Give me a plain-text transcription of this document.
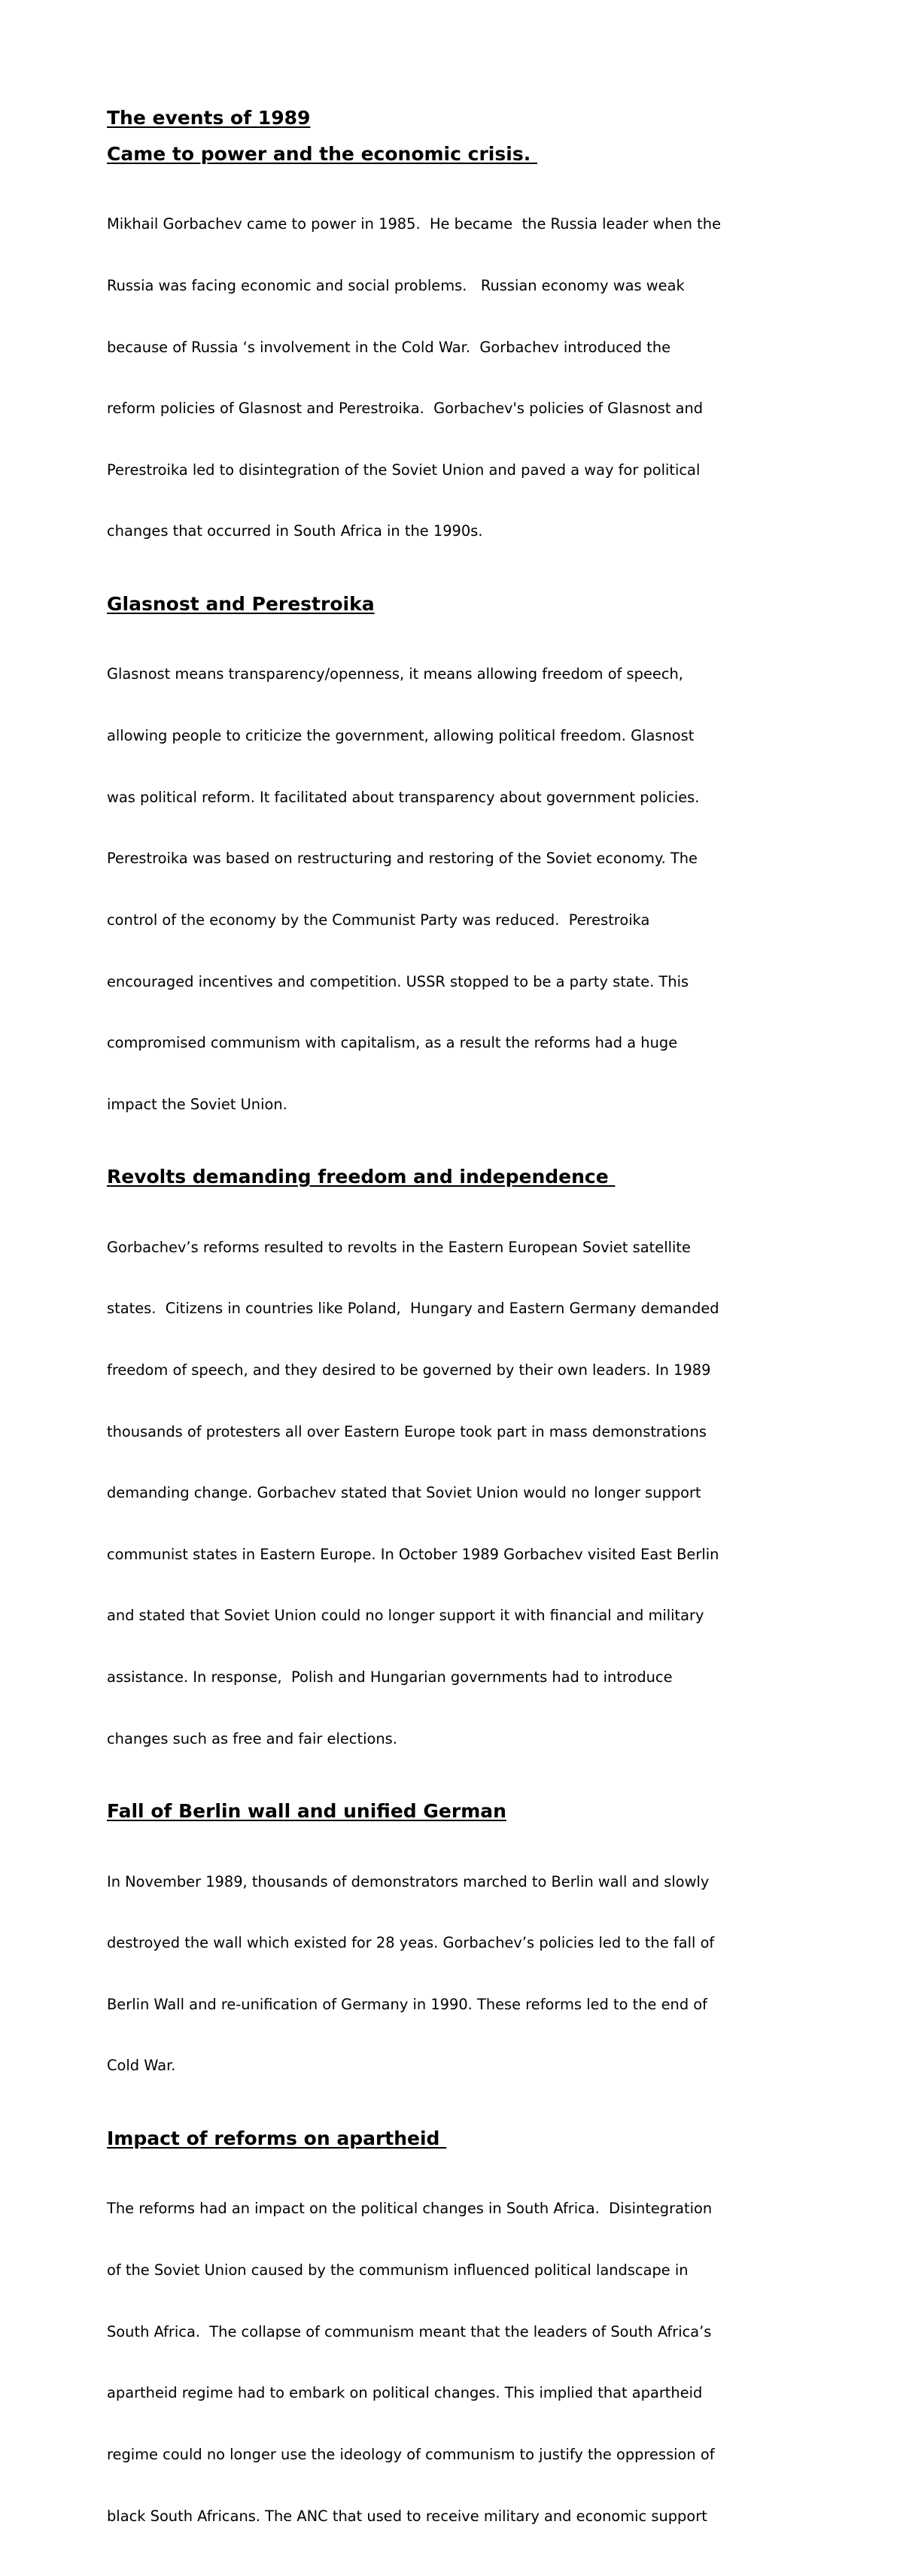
The events of 1989
Came to power and the economic crisis.

Mikhail Gorbachev came to power in 1985.  He became  the Russia leader when the

Russia was facing economic and social problems.   Russian economy was weak

because of Russia ‘s involvement in the Cold War.  Gorbachev introduced the

reform policies of Glasnost and Perestroika.  Gorbachev's policies of Glasnost and

Perestroika led to disintegration of the Soviet Union and paved a way for political

changes that occurred in South Africa in the 1990s.

Glasnost and Perestroika

Glasnost means transparency/openness, it means allowing freedom of speech,

allowing people to criticize the government, allowing political freedom. Glasnost

was political reform. It facilitated about transparency about government policies.

Perestroika was based on restructuring and restoring of the Soviet economy. The

control of the economy by the Communist Party was reduced.  Perestroika

encouraged incentives and competition. USSR stopped to be a party state. This

compromised communism with capitalism, as a result the reforms had a huge

impact the Soviet Union.

Revolts demanding freedom and independence

Gorbachev’s reforms resulted to revolts in the Eastern European Soviet satellite

states.  Citizens in countries like Poland,  Hungary and Eastern Germany demanded

freedom of speech, and they desired to be governed by their own leaders. In 1989

thousands of protesters all over Eastern Europe took part in mass demonstrations

demanding change. Gorbachev stated that Soviet Union would no longer support

communist states in Eastern Europe. In October 1989 Gorbachev visited East Berlin

and stated that Soviet Union could no longer support it with financial and military

assistance. In response,  Polish and Hungarian governments had to introduce

changes such as free and fair elections.

Fall of Berlin wall and unified German

In November 1989, thousands of demonstrators marched to Berlin wall and slowly

destroyed the wall which existed for 28 yeas. Gorbachev’s policies led to the fall of

Berlin Wall and re-unification of Germany in 1990. These reforms led to the end of

Cold War.

Impact of reforms on apartheid

The reforms had an impact on the political changes in South Africa.  Disintegration

of the Soviet Union caused by the communism influenced political landscape in

South Africa.  The collapse of communism meant that the leaders of South Africa’s

apartheid regime had to embark on political changes. This implied that apartheid

regime could no longer use the ideology of communism to justify the oppression of

black South Africans. The ANC that used to receive military and economic support
